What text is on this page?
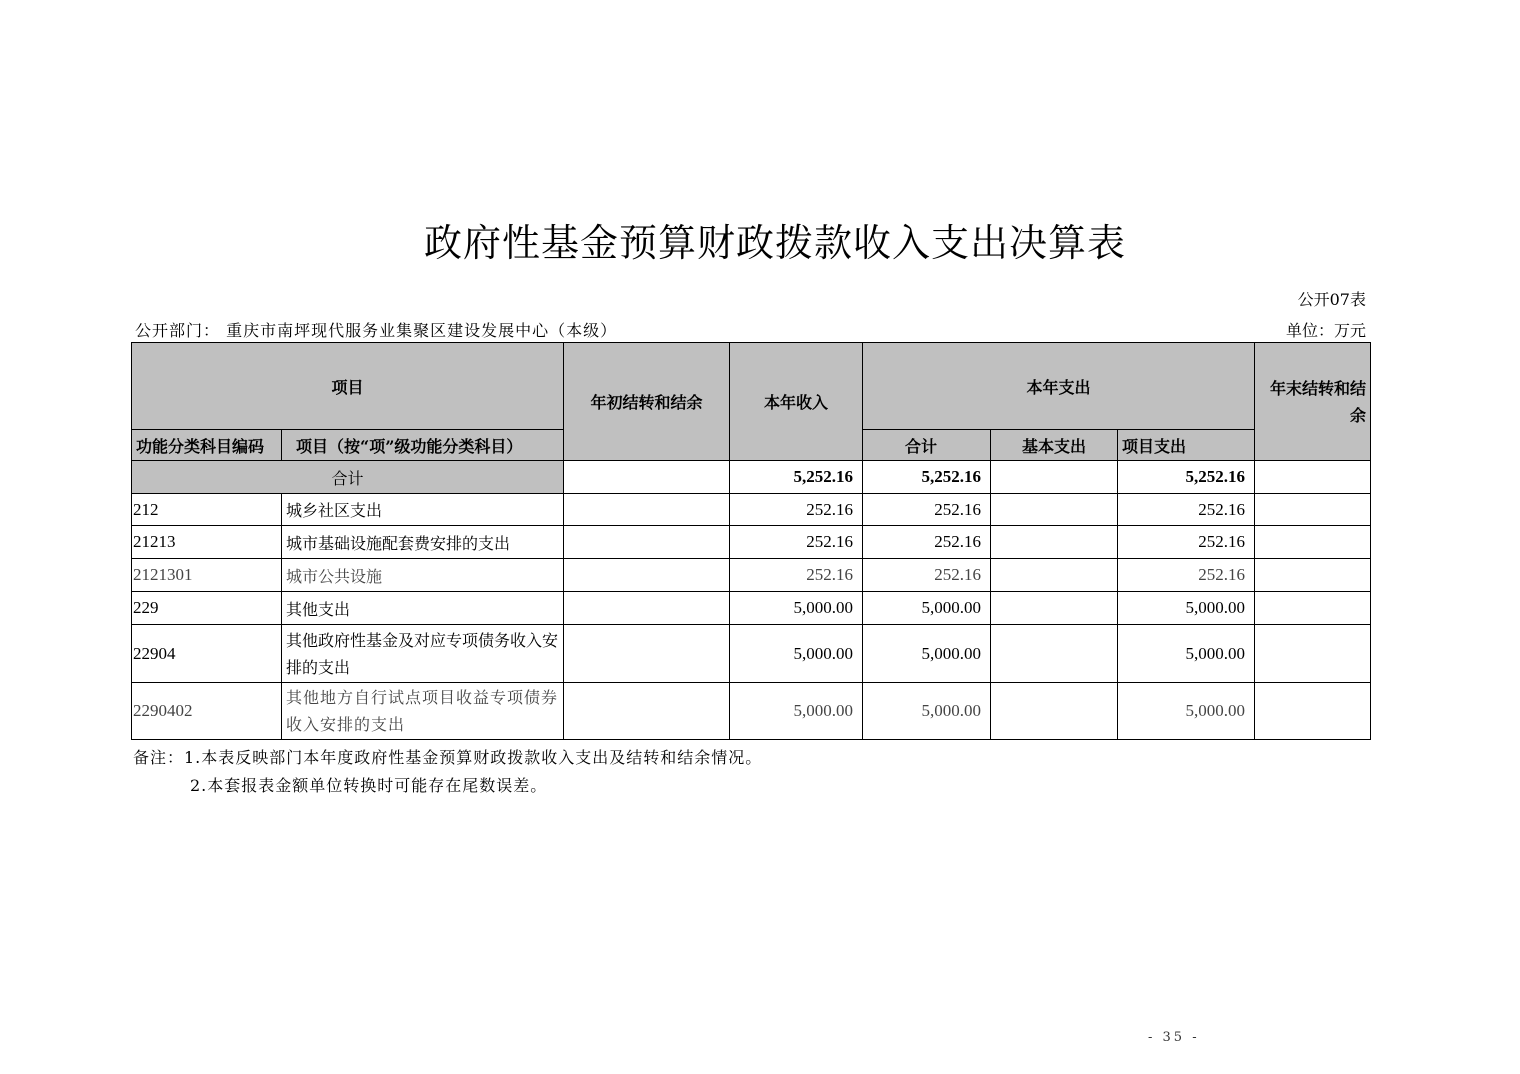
政府性基金预算财政拨款收入支出决算表
公开07表
公开部门： 重庆市南坪现代服务业集聚区建设发展中心（本级）	单位：万元
项目		年初结转和结余	本年收入	本年支出			年末结转和结余
功能分类科目编码	项目（按“项”级功能分类科目）			合计	基本支出	项目支出	
合计			5,252.16	5,252.16		5,252.16	
212	城乡社区支出		252.16	252.16		252.16	
21213	城市基础设施配套费安排的支出		252.16	252.16		252.16	
2121301	城市公共设施		252.16	252.16		252.16	
229	其他支出		5,000.00	5,000.00		5,000.00	
22904	其他政府性基金及对应专项债务收入安排的支出		5,000.00	5,000.00		5,000.00	
2290402	其他地方自行试点项目收益专项债券收入安排的支出		5,000.00	5,000.00		5,000.00	
备注：1.本表反映部门本年度政府性基金预算财政拨款收入支出及结转和结余情况。
2.本套报表金额单位转换时可能存在尾数误差。
- 35 -
